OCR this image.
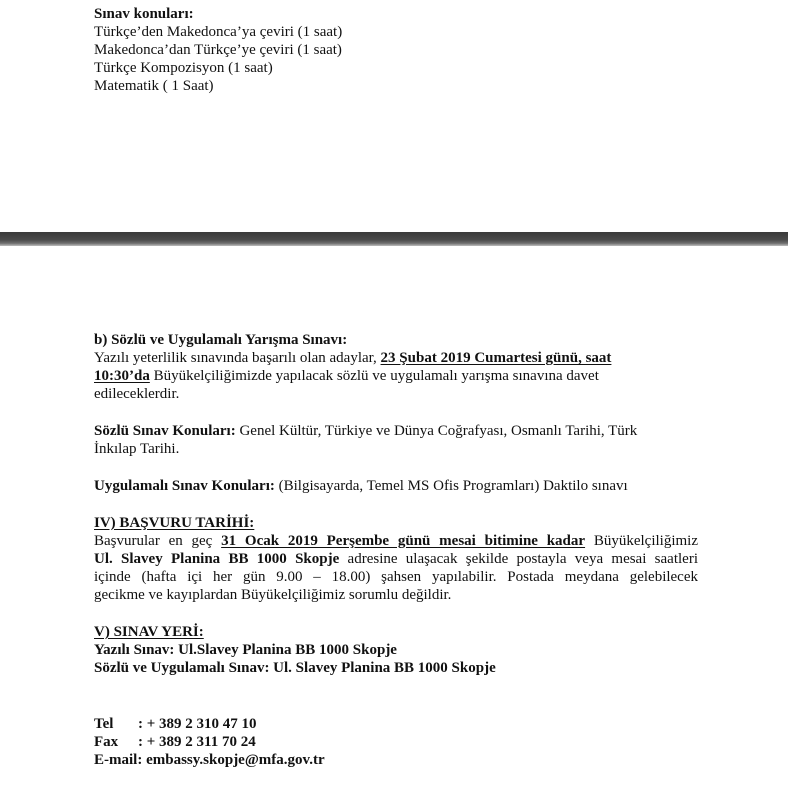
Sınav konuları:
Türkçe’den Makedonca’ya çeviri (1 saat)
Makedonca’dan Türkçe’ye çeviri (1 saat)
Türkçe Kompozisyon (1 saat)
Matematik ( 1 Saat)
b) Sözlü ve Uygulamalı Yarışma Sınavı:
Yazılı yeterlilik sınavında başarılı olan adaylar, 23 Şubat 2019 Cumartesi günü, saat
10:30’da Büyükelçiliğimizde yapılacak sözlü ve uygulamalı yarışma sınavına davet
edileceklerdir.
Sözlü Sınav Konuları: Genel Kültür, Türkiye ve Dünya Coğrafyası, Osmanlı Tarihi, Türk
İnkılap Tarihi.
Uygulamalı Sınav Konuları: (Bilgisayarda, Temel MS Ofis Programları) Daktilo sınavı
IV) BAŞVURU TARİHİ:
Başvurular en geç 31 Ocak 2019 Perşembe günü mesai bitimine kadar Büyükelçiliğimiz
Ul. Slavey Planina BB 1000 Skopje adresine ulaşacak şekilde postayla veya mesai saatleri
içinde (hafta içi her gün 9.00 – 18.00) şahsen yapılabilir. Postada meydana gelebilecek
gecikme ve kayıplardan Büyükelçiliğimiz sorumlu değildir.
V) SINAV YERİ:
Yazılı Sınav: Ul.Slavey Planina BB 1000 Skopje
Sözlü ve Uygulamalı Sınav: Ul. Slavey Planina BB 1000 Skopje
Tel : + 389 2 310 47 10
Fax : + 389 2 311 70 24
E-mail: embassy.skopje@mfa.gov.tr
